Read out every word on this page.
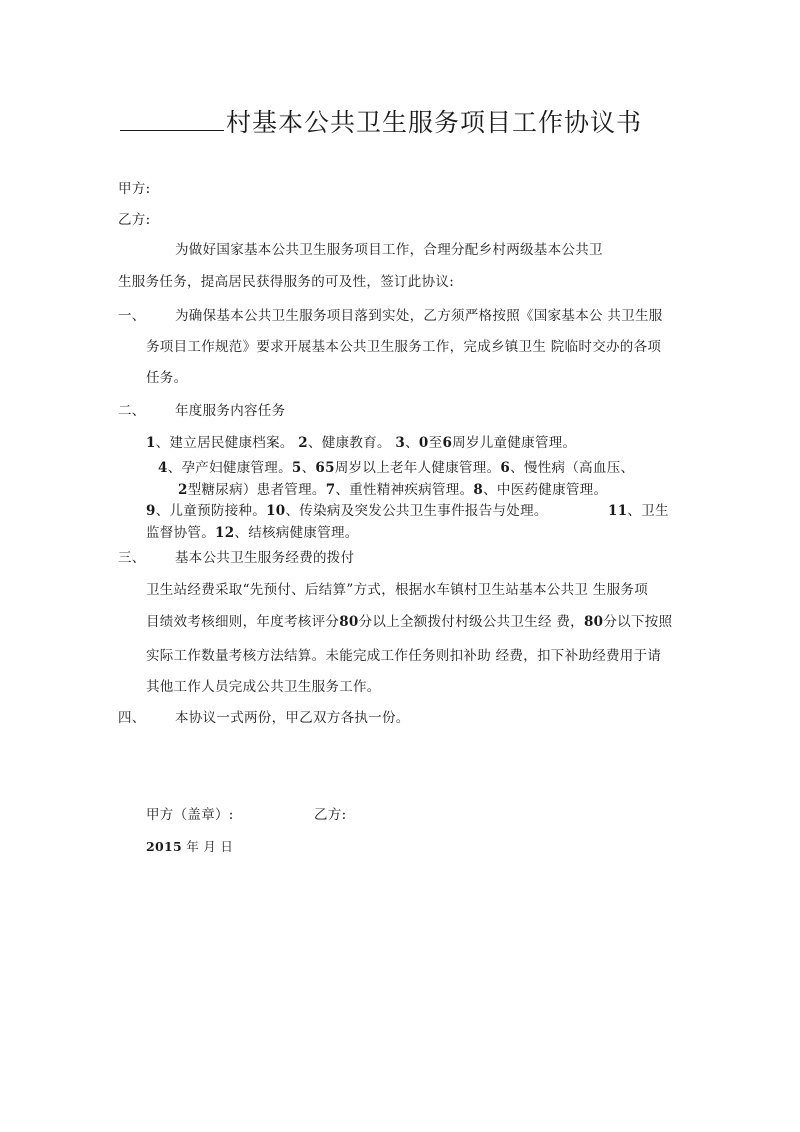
村基本公共卫生服务项目工作协议书
甲方:
乙方:
为做好国家基本公共卫生服务项目工作，合理分配乡村两级基本公共卫
生服务任务，提高居民获得服务的可及性，签订此协议:
一、 为确保基本公共卫生服务项目落到实处，乙方须严格按照《国家基本公 共卫生服
务项目工作规范》要求开展基本公共卫生服务工作，完成乡镇卫生 院临时交办的各项
任务。
二、 年度服务内容任务
1、建立居民健康档案。 2、健康教育。 3、0至6周岁儿童健康管理。
4、孕产妇健康管理。5、65周岁以上老年人健康管理。6、慢性病（高血压、
2型糖尿病）患者管理。7、重性精神疾病管理。8、中医药健康管理。
9、儿童预防接种。10、传染病及突发公共卫生事件报告与处理。	11、卫生
监督协管。12、结核病健康管理。
三、 基本公共卫生服务经费的拨付
卫生站经费采取“先预付、后结算”方式，根据水车镇村卫生站基本公共卫 生服务项
目绩效考核细则，年度考核评分80分以上全额拨付村级公共卫生经 费，80分以下按照
实际工作数量考核方法结算。未能完成工作任务则扣补助 经费，扣下补助经费用于请
其他工作人员完成公共卫生服务工作。
四、 本协议一式两份，甲乙双方各执一份。
甲方（盖章）:	乙方:
2015 年 月 日
